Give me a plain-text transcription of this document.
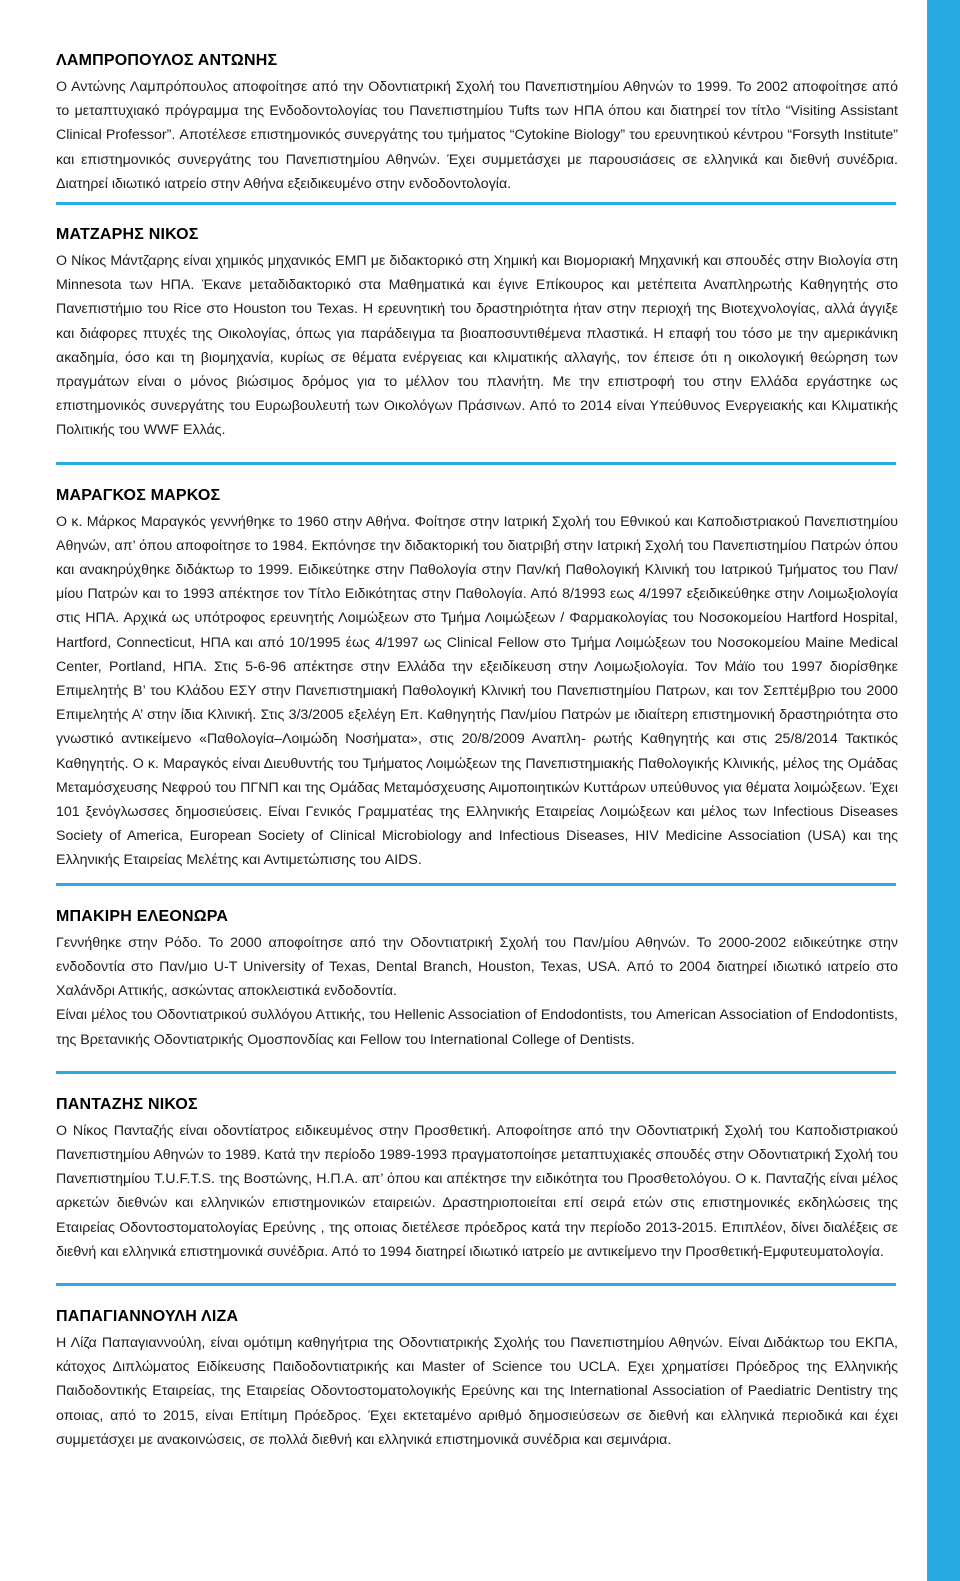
ΛΑΜΠΡΟΠΟΥΛΟΣ ΑΝΤΩΝΗΣ

Ο Αντώνης Λαμπρόπουλος αποφοίτησε από την Οδοντιατρική Σχολή του Πανεπιστημίου Αθηνών το 1999. Το 2002 αποφοίτησε από το μεταπτυχιακό πρόγραμμα της Ενδοδοντολογίας του Πανεπιστημίου Tufts των ΗΠΑ όπου και διατηρεί τον τίτλο “Visiting Assistant Clinical Professor”. Αποτέλεσε επιστημονικός συνεργάτης του τμήματος “Cytokine Biology” του ερευνητικού κέντρου “Forsyth Institute” και επιστημονικός συνεργάτης του Πανεπιστημίου Αθηνών. Έχει συμμετάσχει με παρουσιάσεις σε ελληνικά και διεθνή συνέδρια. Διατηρεί ιδιωτικό ιατρείο στην Αθήνα εξειδικευμένο στην ενδοδοντολογία.

ΜΑΤΖΑΡΗΣ ΝΙΚΟΣ

Ο Νίκος Μάντζαρης είναι χημικός μηχανικός ΕΜΠ με διδακτορικό στη Χημική και Βιομοριακή Μηχανική και σπουδές στην Βιολογία στη Minnesota των ΗΠΑ. Έκανε μεταδιδακτορικό στα Μαθηματικά και έγινε Επίκουρος και μετέπειτα Αναπληρωτής Καθηγητής στο Πανεπιστήμιο του Rice στο Houston του Texas. Η ερευνητική του δραστηριότητα ήταν στην περιοχή της Βιοτεχνολογίας, αλλά άγγιξε και διάφορες πτυχές της Οικολογίας, όπως για παράδειγμα τα βιοαποσυντιθέμενα πλαστικά. Η επαφή του τόσο με την αμερικάνικη ακαδημία, όσο και τη βιομηχανία, κυρίως σε θέματα ενέργειας και κλιματικής αλλαγής, τον έπεισε ότι η οικολογική θεώρηση των πραγμάτων είναι ο μόνος βιώσιμος δρόμος για το μέλλον του πλανήτη. Με την επιστροφή του στην Ελλάδα εργάστηκε ως επιστημονικός συνεργάτης του Ευρωβουλευτή των Οικολόγων Πράσινων. Από το 2014 είναι Υπεύθυνος Ενεργειακής και Κλιματικής Πολιτικής του WWF Ελλάς.

ΜΑΡΑΓΚΟΣ ΜΑΡΚΟΣ

Ο κ. Μάρκος Μαραγκός γεννήθηκε το 1960 στην Αθήνα. Φοίτησε στην Ιατρική Σχολή του Εθνικού και Καποδιστριακού Πανεπιστημίου Αθηνών, απ’ όπου αποφοίτησε το 1984. Εκπόνησε την διδακτορική του διατριβή στην Ιατρική Σχολή του Πανεπιστημίου Πατρών όπου και ανακηρύχθηκε διδάκτωρ το 1999. Ειδικεύτηκε στην Παθολογία στην Παν/κή Παθολογική Κλινική του Ιατρικού Τμήματος του Παν/μίου Πατρών και το 1993 απέκτησε τον Τίτλο Ειδικότητας στην Παθολογία. Από 8/1993 εως 4/1997 εξειδικεύθηκε στην Λοιμωξιολογία στις ΗΠΑ. Αρχικά ως υπότροφος ερευνητής Λοιμώξεων στο Τμήμα Λοιμώξεων / Φαρμακολογίας του Νοσοκομείου Hartford Hospital, Hartford, Connecticut, ΗΠΑ και από 10/1995 έως 4/1997 ως Clinical Fellow στο Τμήμα Λοιμώξεων του Νοσοκομείου Maine Medical Center, Portland, ΗΠΑ. Στις 5-6-96 απέκτησε στην Ελλάδα την εξειδίκευση στην Λοιμωξιολογία. Τον Μάϊο του 1997 διορίσθηκε Επιμελητής Β’ του Κλάδου ΕΣΥ στην Πανεπιστημιακή Παθολογική Κλινική του Πανεπιστημίου Πατρων, και τον Σεπτέμβριο του 2000 Επιμελητής Α’ στην ίδια Κλινική. Στις 3/3/2005 εξελέγη Επ. Καθηγητής Παν/μίου Πατρών με ιδιαίτερη επιστημονική δραστηριότητα στο γνωστικό αντικείμενο «Παθολογία–Λοιμώδη Νοσήματα», στις 20/8/2009 Αναπλη- ρωτής Καθηγητής και στις 25/8/2014 Τακτικός Καθηγητής. Ο κ. Μαραγκός είναι Διευθυντής του Τμήματος Λοιμώξεων της Πανεπιστημιακής Παθολογικής Κλινικής, μέλος της Ομάδας Μεταμόσχευσης Νεφρού του ΠΓΝΠ και της Ομάδας Μεταμόσχευσης Αιμοποιητικών Κυττάρων υπεύθυνος για θέματα λοιμώξεων. Έχει 101 ξενόγλωσσες δημοσιεύσεις. Είναι Γενικός Γραμματέας της Ελληνικής Εταιρείας Λοιμώξεων και μέλος των Infectious Diseases Society of America, European Society of Clinical Microbiology and Infectious Diseases, HIV Medicine Association (USA) και της Ελληνικής Εταιρείας Μελέτης και Αντιμετώπισης του AIDS.

ΜΠΑΚΙΡΗ ΕΛΕΟΝΩΡΑ

Γεννήθηκε στην Ρόδο. Το 2000 αποφοίτησε από την Οδοντιατρική Σχολή του Παν/μίου Αθηνών. Το 2000-2002 ειδικεύτηκε στην ενδοδοντία στο Παν/μιο U-T University of Texas, Dental Branch, Houston, Texas, USA. Από το 2004 διατηρεί ιδιωτικό ιατρείο στο Χαλάνδρι Αττικής, ασκώντας αποκλειστικά ενδοδοντία.

Είναι μέλος του Οδοντιατρικού συλλόγου Αττικής, του Hellenic Association of Endodontists, του American Association of Endodontists, της Βρετανικής Οδοντιατρικής Ομοσπονδίας και Fellow του International College of Dentists.

ΠΑΝΤΑΖΗΣ ΝΙΚΟΣ

Ο Νίκος Πανταζής είναι οδοντίατρος ειδικευμένος στην Προσθετική. Αποφοίτησε από την Οδοντιατρική Σχολή του Καποδιστριακού Πανεπιστημίου Αθηνών το 1989. Κατά την περίοδο 1989-1993 πραγματοποίησε μεταπτυχιακές σπουδές στην Οδοντιατρική Σχολή του Πανεπιστημίου T.U.F.T.S. της Βοστώνης, Η.Π.Α. απ’ όπου και απέκτησε την ειδικότητα του Προσθετολόγου. Ο κ. Πανταζής είναι μέλος αρκετών διεθνών και ελληνικών επιστημονικών εταιρειών. Δραστηριοποιείται επί σειρά ετών στις επιστημονικές εκδηλώσεις της Εταιρείας Οδοντοστοματολογίας Ερεύνης , της οποιας διετέλεσε πρόεδρος κατά την περίοδο 2013-2015. Επιπλέον, δίνει διαλέξεις σε διεθνή και ελληνικά επιστημονικά συνέδρια. Από το 1994 διατηρεί ιδιωτικό ιατρείο με αντικείμενο την Προσθετική-Εμφυτευματολογία.

ΠΑΠΑΓΙΑΝΝΟΥΛΗ ΛΙΖΑ

Η Λίζα Παπαγιαννούλη, είναι ομότιμη καθηγήτρια της Οδοντιατρικής Σχολής του Πανεπιστημίου Αθηνών. Είναι Διδάκτωρ του ΕΚΠΑ, κάτοχος Διπλώματος Ειδίκευσης Παιδοδοντιατρικής και Master of Science του UCLA. Εχει χρηματίσει Πρόεδρος της Ελληνικής Παιδοδοντικής Εταιρείας, της Εταιρείας Οδοντοστοματολογικής Ερεύνης και της International Association of Paediatric Dentistry της οποιας, από το 2015, είναι Επίτιμη Πρόεδρος. Έχει εκτεταμένο αριθμό δημοσιεύσεων σε διεθνή και ελληνικά περιοδικά και έχει συμμετάσχει με ανακοινώσεις, σε πολλά διεθνή και ελληνικά επιστημονικά συνέδρια και σεμινάρια.
